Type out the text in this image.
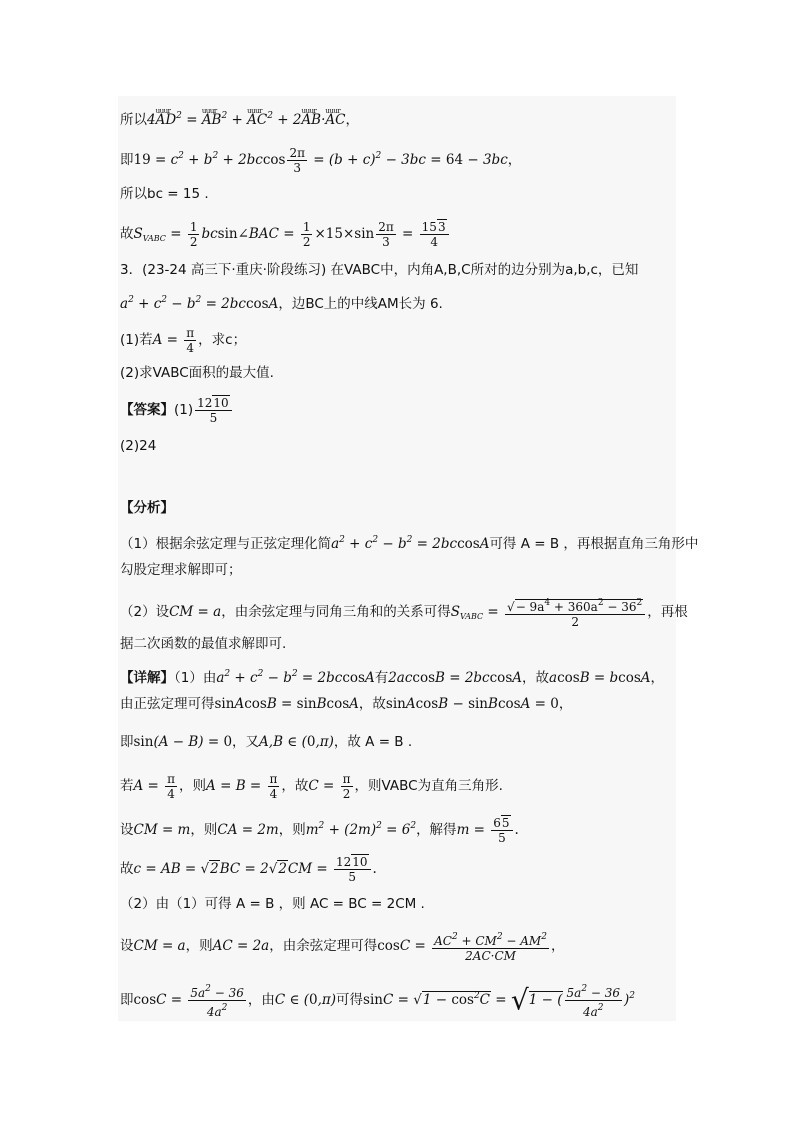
所以4uuur $AD^2$ = uuur $AB^2$ + uuur $AC^2$ + 2uuur AB·uuur AC，
即$19 = c^2 + b^2 + 2bccos \frac{2\pi}{3} = (b + c)^2 - 3bc = 64 - 3bc$，
所以bc = 15 .
故$S_{VABC} = \frac{1}{2}$ bcsin∠BAC = $\frac{1}{2} \times 15\times\sin \frac{2\pi}{3} = \frac{153}{4}$
3．(23-24 高三下·重庆·阶段练习) 在VABC中，内角A,B,C所对的边分别为a,b,c，已知
$a^2 + c^2 - b^2 = 2bccosA$，边BC上的中线AM长为 6.
(1)若$A = \frac{\pi}{4}$ ，求c；
(2)求VABC面积的最大值.
【答案】$(1) \frac{1210}{5}$
(2)24
【分析】
（1）根据余弦定理与正弦定理化简$a^2 + c^2 - b^2 = 2bccosA$可得 A = B ，再根据直角三角形中
勾股定理求解即可；
（2）设CM = a，由余弦定理与同角三角和的关系可得$S_{VABC} = \frac{√- 9a^4 + 360a^2 - 36^2}{2}$ ，再根
据二次函数的最值求解即可.
【详解】（1）由$a^2 + c^2 - b^2 = 2bccosA$有2accosB = 2bccosA，故acosB = bcosA，
由正弦定理可得sinAcosB = sinBcosA，故sinAcosB − sinBcosA = 0，
即sin(A − B) = 0，又A,B ∈ (0,π)，故 A = B .
若$A = \frac{\pi}{4}$ ，则$A = B = \frac{\pi}{4}$ ，故$C = \frac{\pi}{2}$ ，则VABC为直角三角形.
设CM = m，则CA = 2m，则$m^2 + (2m)^2 = 6^2$，解得$m = \frac{65}{5}$ .
故c = AB = $√2BC = 2√2CM = \frac{1210}{5}$ .
（2）由（1）可得 A = B ，则 AC = BC = 2CM .
设CM = a，则AC = 2a，由余弦定理可得$\cos C = \frac{AC^2 + CM^2 - AM^2}{2AC\cdot CM}$ ，
即$\cos C = \frac{5a^2 - 36}{4a^2}$ ，由C ∈ (0,π)可得$\sin C = √1 - \cos^2C = √1$ − ( $\frac{5a^2 - 36}{4a^2} )^2$
